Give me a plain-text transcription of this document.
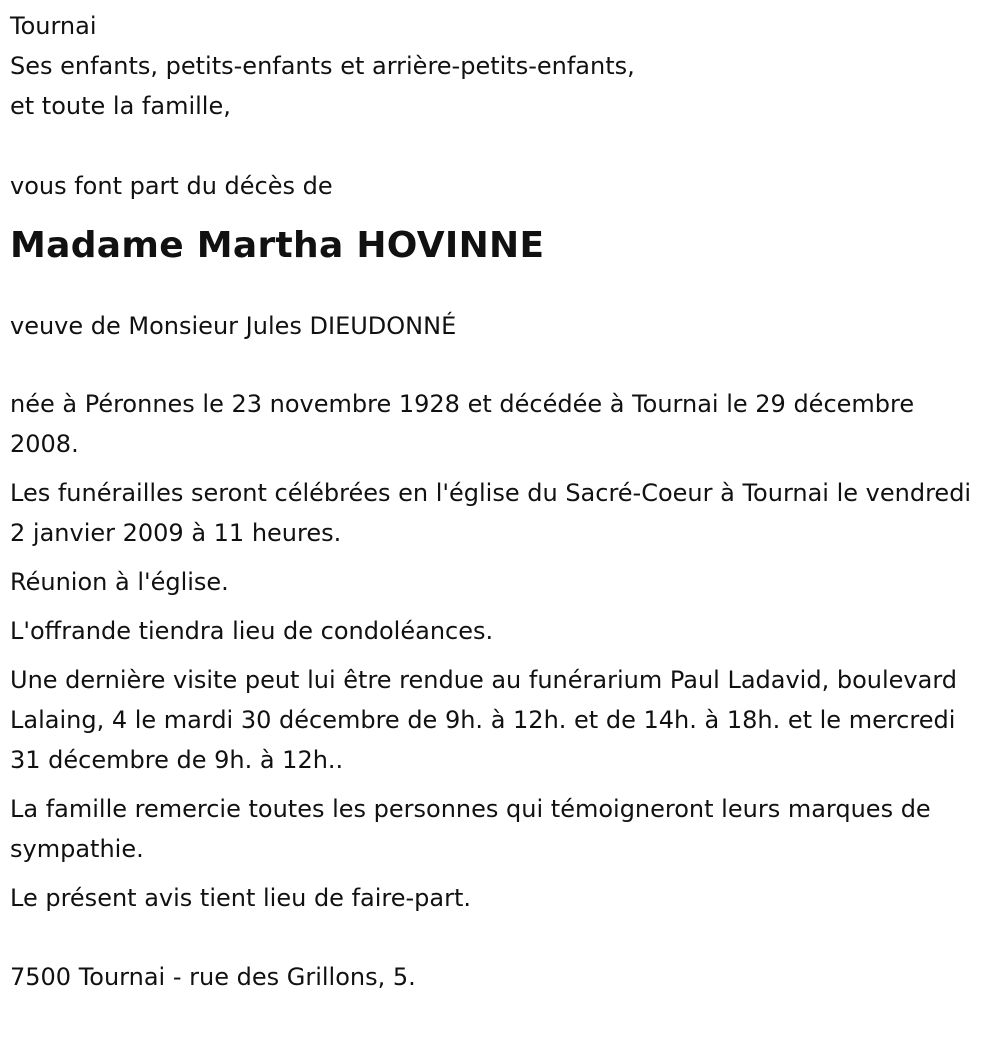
Tournai
Ses enfants, petits-enfants et arrière-petits-enfants,
et toute la famille,
vous font part du décès de
Madame Martha HOVINNE
veuve de Monsieur Jules DIEUDONNÉ

née à Péronnes le 23 novembre 1928 et décédée à Tournai le 29 décembre 2008.

Les funérailles seront célébrées en l'église du Sacré-Coeur à Tournai le vendredi 2 janvier 2009 à 11 heures.

Réunion à l'église.

L'offrande tiendra lieu de condoléances.

Une dernière visite peut lui être rendue au funérarium Paul Ladavid, boulevard Lalaing, 4 le mardi 30 décembre de 9h. à 12h. et de 14h. à 18h. et le mercredi 31 décembre de 9h. à 12h..

La famille remercie toutes les personnes qui témoigneront leurs marques de sympathie.

Le présent avis tient lieu de faire-part.

7500 Tournai - rue des Grillons, 5.
